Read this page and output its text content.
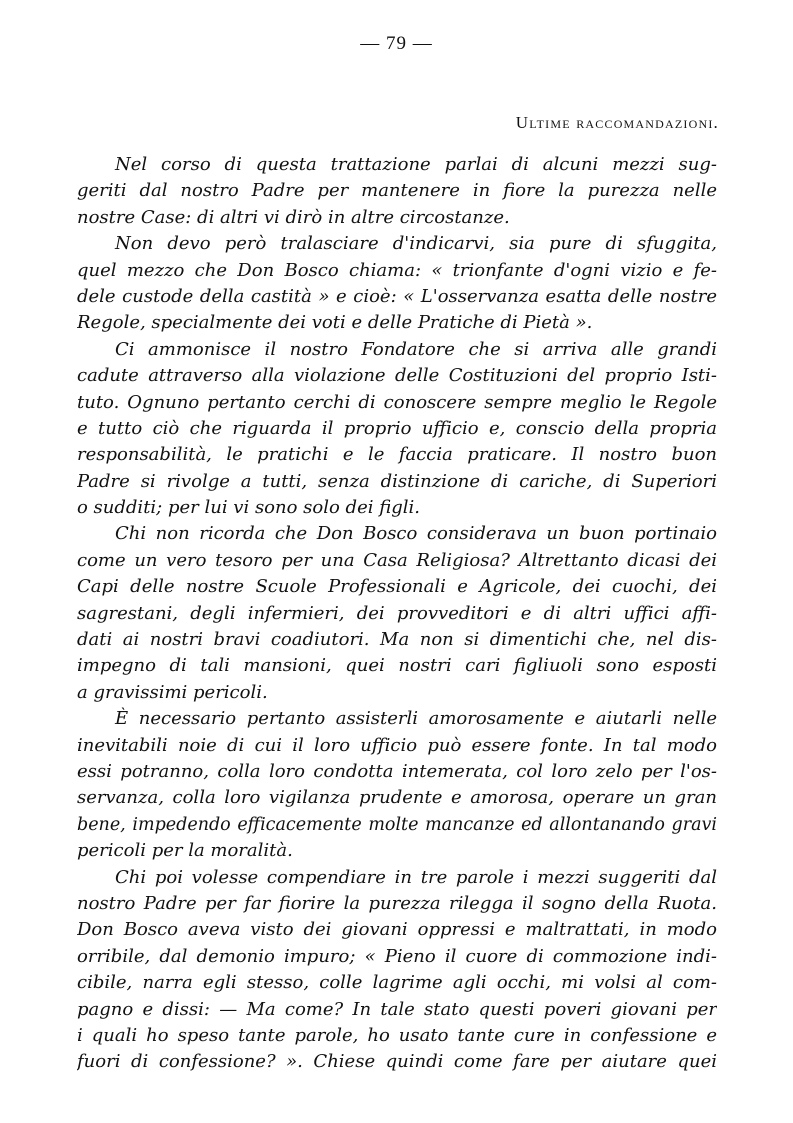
— 79 —
Ultime raccomandazioni.
Nel corso di questa trattazione parlai di alcuni mezzi sug-
geriti dal nostro Padre per mantenere in fiore la purezza nelle
nostre Case: di altri vi dirò in altre circostanze.
Non devo però tralasciare d'indicarvi, sia pure di sfuggita,
quel mezzo che Don Bosco chiama: « trionfante d'ogni vizio e fe-
dele custode della castità » e cioè: « L'osservanza esatta delle nostre
Regole, specialmente dei voti e delle Pratiche di Pietà ».
Ci ammonisce il nostro Fondatore che si arriva alle grandi
cadute attraverso alla violazione delle Costituzioni del proprio Isti-
tuto. Ognuno pertanto cerchi di conoscere sempre meglio le Regole
e tutto ciò che riguarda il proprio ufficio e, conscio della propria
responsabilità, le pratichi e le faccia praticare. Il nostro buon
Padre si rivolge a tutti, senza distinzione di cariche, di Superiori
o sudditi; per lui vi sono solo dei figli.
Chi non ricorda che Don Bosco considerava un buon portinaio
come un vero tesoro per una Casa Religiosa? Altrettanto dicasi dei
Capi delle nostre Scuole Professionali e Agricole, dei cuochi, dei
sagrestani, degli infermieri, dei provveditori e di altri uffici affi-
dati ai nostri bravi coadiutori. Ma non si dimentichi che, nel dis-
impegno di tali mansioni, quei nostri cari figliuoli sono esposti
a gravissimi pericoli.
È necessario pertanto assisterli amorosamente e aiutarli nelle
inevitabili noie di cui il loro ufficio può essere fonte. In tal modo
essi potranno, colla loro condotta intemerata, col loro zelo per l'os-
servanza, colla loro vigilanza prudente e amorosa, operare un gran
bene, impedendo efficacemente molte mancanze ed allontanando gravi
pericoli per la moralità.
Chi poi volesse compendiare in tre parole i mezzi suggeriti dal
nostro Padre per far fiorire la purezza rilegga il sogno della Ruota.
Don Bosco aveva visto dei giovani oppressi e maltrattati, in modo
orribile, dal demonio impuro; « Pieno il cuore di commozione indi-
cibile, narra egli stesso, colle lagrime agli occhi, mi volsi al com-
pagno e dissi: — Ma come? In tale stato questi poveri giovani per
i quali ho speso tante parole, ho usato tante cure in confessione e
fuori di confessione? ». Chiese quindi come fare per aiutare quei
